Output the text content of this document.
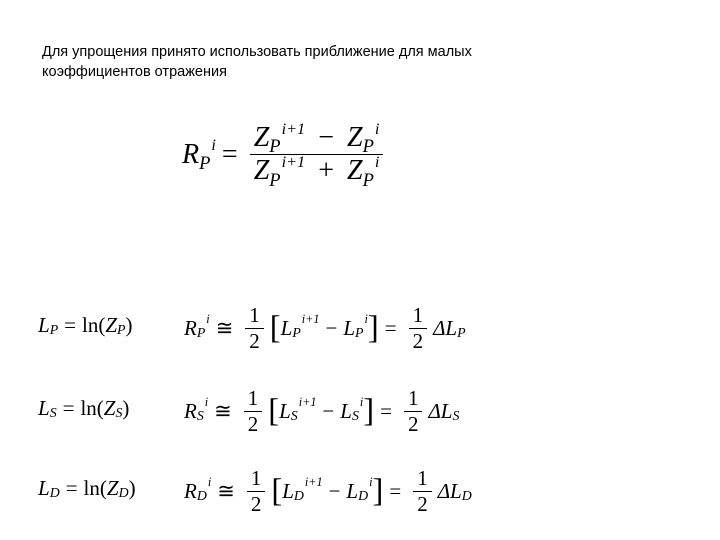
Для упрощения принято использовать приближение для малых
коэффициентов отражения
$R_P^i = \frac{Z_P^{i+1} - Z_P^i}{Z_P^{i+1} + Z_P^i}$
L P = ln( Z P ) R P
i ≅ $\frac{1}{2}$ [ L P
i+1 − L P
i ] = $\frac{1}{2}$ ΔL P
L S = ln( Z S )	R S
i ≅ $\frac{1}{2}$ [ L S
i+1 − L S
i ] = $\frac{1}{2}$ ΔL S
L D = ln( Z D ) R D
i ≅ $\frac{1}{2}$ [ L D
i+1 − L D
i ] = $\frac{1}{2}$ ΔL D
